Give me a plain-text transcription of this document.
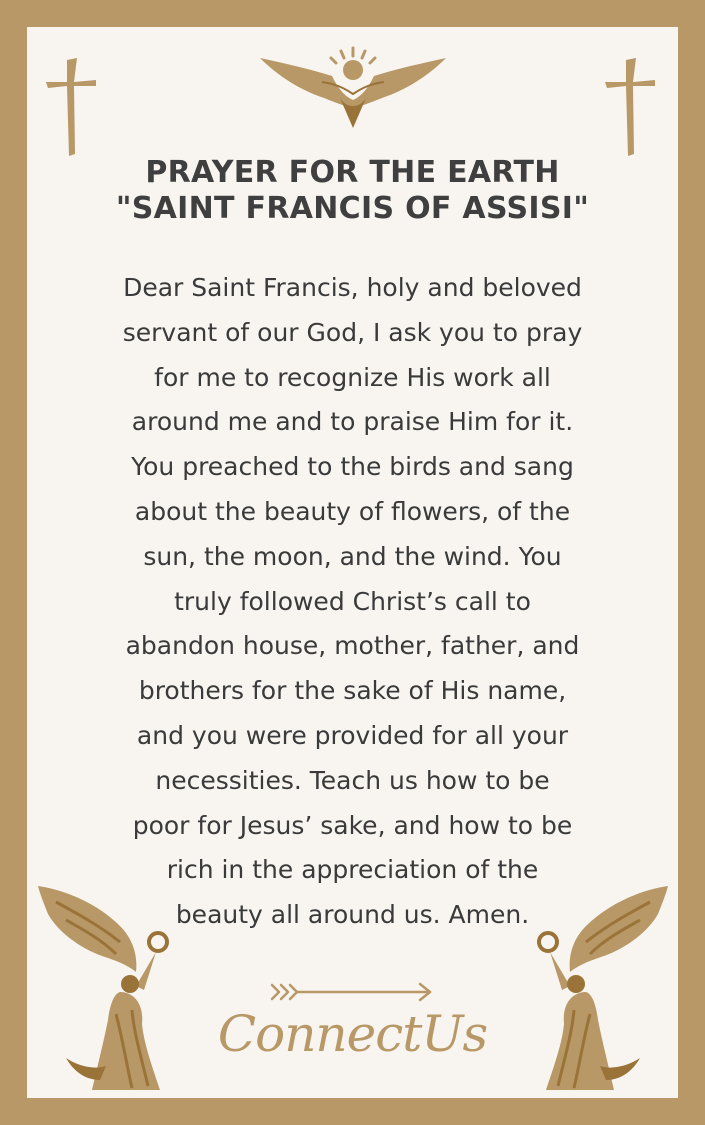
PRAYER FOR THE EARTH
"SAINT FRANCIS OF ASSISI"
Dear Saint Francis, holy and beloved
servant of our God, I ask you to pray
for me to recognize His work all
around me and to praise Him for it.
You preached to the birds and sang
about the beauty of flowers, of the
sun, the moon, and the wind. You
truly followed Christ’s call to
abandon house, mother, father, and
brothers for the sake of His name,
and you were provided for all your
necessities. Teach us how to be
poor for Jesus’ sake, and how to be
rich in the appreciation of the
beauty all around us. Amen.
ConnectUs
